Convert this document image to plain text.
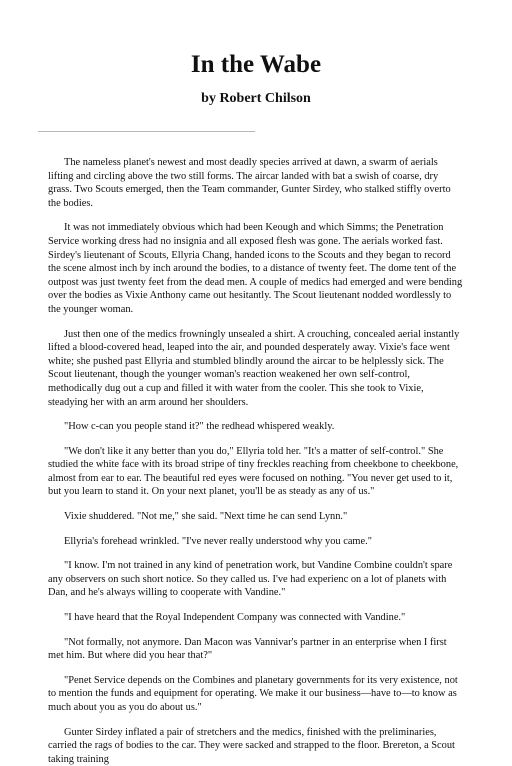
In the Wabe
by Robert Chilson

The nameless planet's newest and most deadly species arrived at dawn, a swarm of aerials lifting and circling above the two still forms. The aircar landed with bat a swish of coarse, dry grass. Two Scouts emerged, then the Team commander, Gunter Sirdey, who stalked stiffly overto the bodies.

It was not immediately obvious which had been Keough and which Simms; the Penetration Service working dress had no insignia and all exposed flesh was gone. The aerials worked fast. Sirdey's lieutenant of Scouts, Ellyria Chang, handed icons to the Scouts and they began to record the scene almost inch by inch around the bodies, to a distance of twenty feet. The dome tent of the outpost was just twenty feet from the dead men. A couple of medics had emerged and were bending over the bodies as Vixie Anthony came out hesitantly. The Scout lieutenant nodded wordlessly to the younger woman.

Just then one of the medics frowningly unsealed a shirt. A crouching, concealed aerial instantly lifted a blood-covered head, leaped into the air, and pounded desperately away. Vixie's face went white; she pushed past Ellyria and stumbled blindly around the aircar to be helplessly sick. The Scout lieutenant, though the younger woman's reaction weakened her own self-control, methodically dug out a cup and filled it with water from the cooler. This she took to Vixie, steadying her with an arm around her shoulders.

"How c-can you people stand it?" the redhead whispered weakly.

"We don't like it any better than you do," Ellyria told her. "It's a matter of self-control." She studied the white face with its broad stripe of tiny freckles reaching from cheekbone to cheekbone, almost from ear to ear. The beautiful red eyes were focused on nothing. "You never get used to it, but you learn to stand it. On your next planet, you'll be as steady as any of us."

Vixie shuddered. "Not me," she said. "Next time he can send Lynn."

Ellyria's forehead wrinkled. "I've never really understood why you came."

"I know. I'm not trained in any kind of penetration work, but Vandine Combine couldn't spare any observers on such short notice. So they called us. I've had experienc on a lot of planets with Dan, and he's always willing to cooperate with Vandine."

"I have heard that the Royal Independent Company was connected with Vandine."

"Not formally, not anymore. Dan Macon was Vannivar's partner in an enterprise when I first met him. But where did you hear that?"

"Penet Service depends on the Combines and planetary governments for its very existence, not to mention the funds and equipment for operating. We make it our business—have to—to know as much about you as you do about us."

Gunter Sirdey inflated a pair of stretchers and the medics, finished with the preliminaries, carried the rags of bodies to the car. They were sacked and strapped to the floor. Brereton, a Scout taking training
